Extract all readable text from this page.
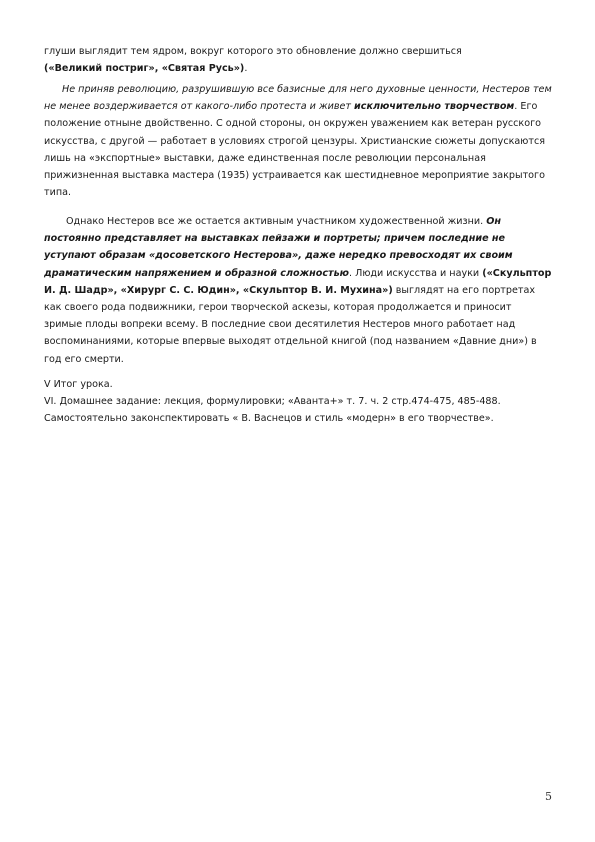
глуши выглядит тем ядром, вокруг которого это обновление должно свершиться
(«Великий постриг», «Святая Русь»).
Не приняв революцию, разрушившую все базисные для него духовные ценности, Нестеров тем не менее воздерживается от какого-либо протеста и живет исключительно творчеством. Его положение отныне двойственно. С одной стороны, он окружен уважением как ветеран русского искусства, с другой — работает в условиях строгой цензуры. Христианские сюжеты допускаются лишь на «экспортные» выставки, даже единственная после революции персональная прижизненная выставка мастера (1935) устраивается как шестидневное мероприятие закрытого типа.
Однако Нестеров все же остается активным участником художественной жизни. Он постоянно представляет на выставках пейзажи и портреты; причем последние не уступают образам «досоветского Нестерова», даже нередко превосходят их своим драматическим напряжением и образной сложностью. Люди искусства и науки («Скульптор И. Д. Шадр», «Хирург С. С. Юдин», «Скульптор В. И. Мухина») выглядят на его портретах как своего рода подвижники, герои творческой аскезы, которая продолжается и приносит зримые плоды вопреки всему. В последние свои десятилетия Нестеров много работает над воспоминаниями, которые впервые выходят отдельной книгой (под названием «Давние дни») в год его смерти.
V Итог урока.
VI. Домашнее задание: лекция, формулировки; «Аванта+» т. 7. ч. 2 стр.474-475, 485-488. Самостоятельно законспектировать « В. Васнецов и стиль «модерн» в его творчестве».
5
